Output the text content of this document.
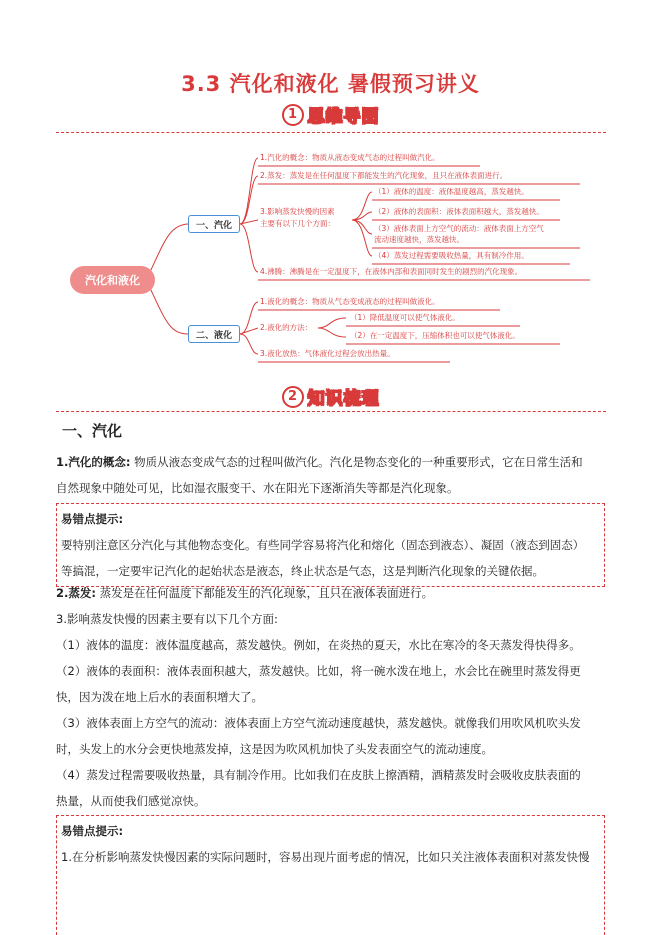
3.3 汽化和液化 暑假预习讲义
1 思维导图
汽化和液化
一、汽化
二、液化
1.汽化的概念：物质从液态变成气态的过程叫做汽化。
2.蒸发：蒸发是在任何温度下都能发生的汽化现象，且只在液体表面进行。
3.影响蒸发快慢的因素
主要有以下几个方面：
4.沸腾：沸腾是在一定温度下，在液体内部和表面同时发生的剧烈的汽化现象。
（1）液体的温度：液体温度越高，蒸发越快。
（2）液体的表面积：液体表面积越大，蒸发越快。
（3）液体表面上方空气的流动：液体表面上方空气
流动速度越快，蒸发越快。
（4）蒸发过程需要吸收热量，具有制冷作用。
1.液化的概念：物质从气态变成液态的过程叫做液化。
2.液化的方法：
3.液化放热：气体液化过程会放出热量。
（1）降低温度可以使气体液化。
（2）在一定温度下，压缩体积也可以使气体液化。
2 知识梳理
一、汽化
1.汽化的概念: 物质从液态变成气态的过程叫做汽化。汽化是物态变化的一种重要形式，它在日常生活和
自然现象中随处可见，比如湿衣服变干、水在阳光下逐渐消失等都是汽化现象。
易错点提示:
要特别注意区分汽化与其他物态变化。有些同学容易将汽化和熔化（固态到液态）、凝固（液态到固态）
等搞混，一定要牢记汽化的起始状态是液态，终止状态是气态，这是判断汽化现象的关键依据。
2.蒸发: 蒸发是在任何温度下都能发生的汽化现象，且只在液体表面进行。
3.影响蒸发快慢的因素主要有以下几个方面:
（1）液体的温度：液体温度越高，蒸发越快。例如，在炎热的夏天，水比在寒冷的冬天蒸发得快得多。
（2）液体的表面积：液体表面积越大，蒸发越快。比如，将一碗水泼在地上，水会比在碗里时蒸发得更
快，因为泼在地上后水的表面积增大了。
（3）液体表面上方空气的流动：液体表面上方空气流动速度越快，蒸发越快。就像我们用吹风机吹头发
时，头发上的水分会更快地蒸发掉，这是因为吹风机加快了头发表面空气的流动速度。
（4）蒸发过程需要吸收热量，具有制冷作用。比如我们在皮肤上擦酒精，酒精蒸发时会吸收皮肤表面的
热量，从而使我们感觉凉快。
易错点提示:
1.在分析影响蒸发快慢因素的实际问题时，容易出现片面考虑的情况，比如只关注液体表面积对蒸发快慢
